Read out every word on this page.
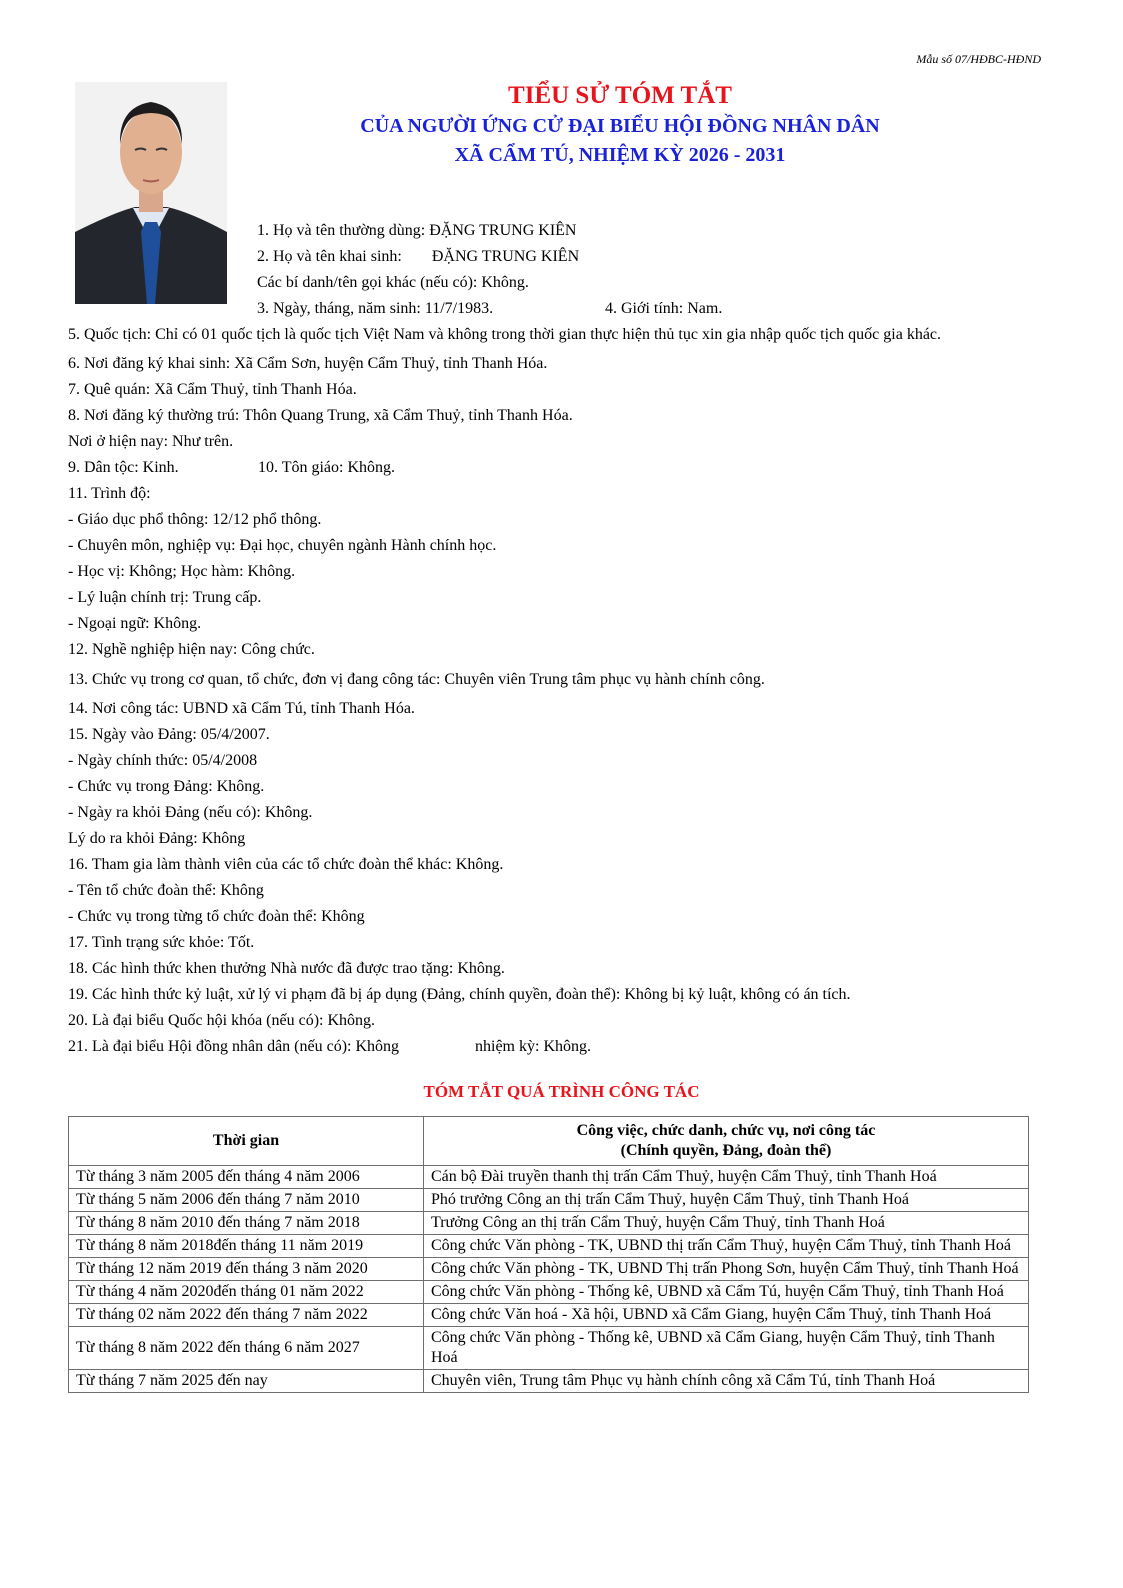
Mẫu số 07/HĐBC-HĐND
TIỂU SỬ TÓM TẮT
CỦA NGƯỜI ỨNG CỬ ĐẠI BIỂU HỘI ĐỒNG NHÂN DÂN
XÃ CẨM TÚ, NHIỆM KỲ 2026 - 2031
1. Họ và tên thường dùng: ĐẶNG TRUNG KIÊN
2. Họ và tên khai sinh: ĐẶNG TRUNG KIÊN
Các bí danh/tên gọi khác (nếu có): Không.
3. Ngày, tháng, năm sinh: 11/7/1983.	4. Giới tính: Nam.
5. Quốc tịch: Chỉ có 01 quốc tịch là quốc tịch Việt Nam và không trong thời gian thực hiện thủ tục xin gia nhập quốc tịch quốc gia khác.
6. Nơi đăng ký khai sinh: Xã Cẩm Sơn, huyện Cẩm Thuỷ, tỉnh Thanh Hóa.
7. Quê quán: Xã Cẩm Thuỷ, tỉnh Thanh Hóa.
8. Nơi đăng ký thường trú: Thôn Quang Trung, xã Cẩm Thuỷ, tỉnh Thanh Hóa.
Nơi ở hiện nay: Như trên.
9. Dân tộc: Kinh.	10. Tôn giáo: Không.
11. Trình độ:
- Giáo dục phổ thông: 12/12 phổ thông.
- Chuyên môn, nghiệp vụ: Đại học, chuyên ngành Hành chính học.
- Học vị: Không; Học hàm: Không.
- Lý luận chính trị: Trung cấp.
- Ngoại ngữ: Không.
12. Nghề nghiệp hiện nay: Công chức.
13. Chức vụ trong cơ quan, tổ chức, đơn vị đang công tác: Chuyên viên Trung tâm phục vụ hành chính công.
14. Nơi công tác: UBND xã Cẩm Tú, tỉnh Thanh Hóa.
15. Ngày vào Đảng: 05/4/2007.
- Ngày chính thức: 05/4/2008
- Chức vụ trong Đảng: Không.
- Ngày ra khỏi Đảng (nếu có): Không.
Lý do ra khỏi Đảng: Không
16. Tham gia làm thành viên của các tổ chức đoàn thể khác: Không.
- Tên tổ chức đoàn thể: Không
- Chức vụ trong từng tổ chức đoàn thể: Không
17. Tình trạng sức khỏe: Tốt.
18. Các hình thức khen thưởng Nhà nước đã được trao tặng: Không.
19. Các hình thức kỷ luật, xử lý vi phạm đã bị áp dụng (Đảng, chính quyền, đoàn thể): Không bị kỷ luật, không có án tích.
20. Là đại biểu Quốc hội khóa (nếu có): Không.
21. Là đại biểu Hội đồng nhân dân (nếu có): Không	nhiệm kỳ: Không.
TÓM TẮT QUÁ TRÌNH CÔNG TÁC
Thời gian	Công việc, chức danh, chức vụ, nơi công tác
(Chính quyền, Đảng, đoàn thể)

Từ tháng 3 năm 2005 đến tháng 4 năm 2006	Cán bộ Đài truyền thanh thị trấn Cẩm Thuỷ, huyện Cẩm Thuỷ, tỉnh Thanh Hoá
Từ tháng 5 năm 2006 đến tháng 7 năm 2010	Phó trưởng Công an thị trấn Cẩm Thuỷ, huyện Cẩm Thuỷ, tỉnh Thanh Hoá
Từ tháng 8 năm 2010 đến tháng 7 năm 2018	Trưởng Công an thị trấn Cẩm Thuỷ, huyện Cẩm Thuỷ, tỉnh Thanh Hoá
Từ tháng 8 năm 2018đến tháng 11 năm 2019	Công chức Văn phòng - TK, UBND thị trấn Cẩm Thuỷ, huyện Cẩm Thuỷ, tỉnh Thanh Hoá
Từ tháng 12 năm 2019 đến tháng 3 năm 2020	Công chức Văn phòng - TK, UBND Thị trấn Phong Sơn, huyện Cẩm Thuỷ, tỉnh Thanh Hoá
Từ tháng 4 năm 2020đến tháng 01 năm 2022	Công chức Văn phòng - Thống kê, UBND xã Cẩm Tú, huyện Cẩm Thuỷ, tỉnh Thanh Hoá
Từ tháng 02 năm 2022 đến tháng 7 năm 2022	Công chức Văn hoá - Xã hội, UBND xã Cẩm Giang, huyện Cẩm Thuỷ, tỉnh Thanh Hoá
Từ tháng 8 năm 2022 đến tháng 6 năm 2027	Công chức Văn phòng - Thống kê, UBND xã Cẩm Giang, huyện Cẩm Thuỷ, tỉnh Thanh Hoá
Từ tháng 7 năm 2025 đến nay	Chuyên viên, Trung tâm Phục vụ hành chính công xã Cẩm Tú, tỉnh Thanh Hoá
